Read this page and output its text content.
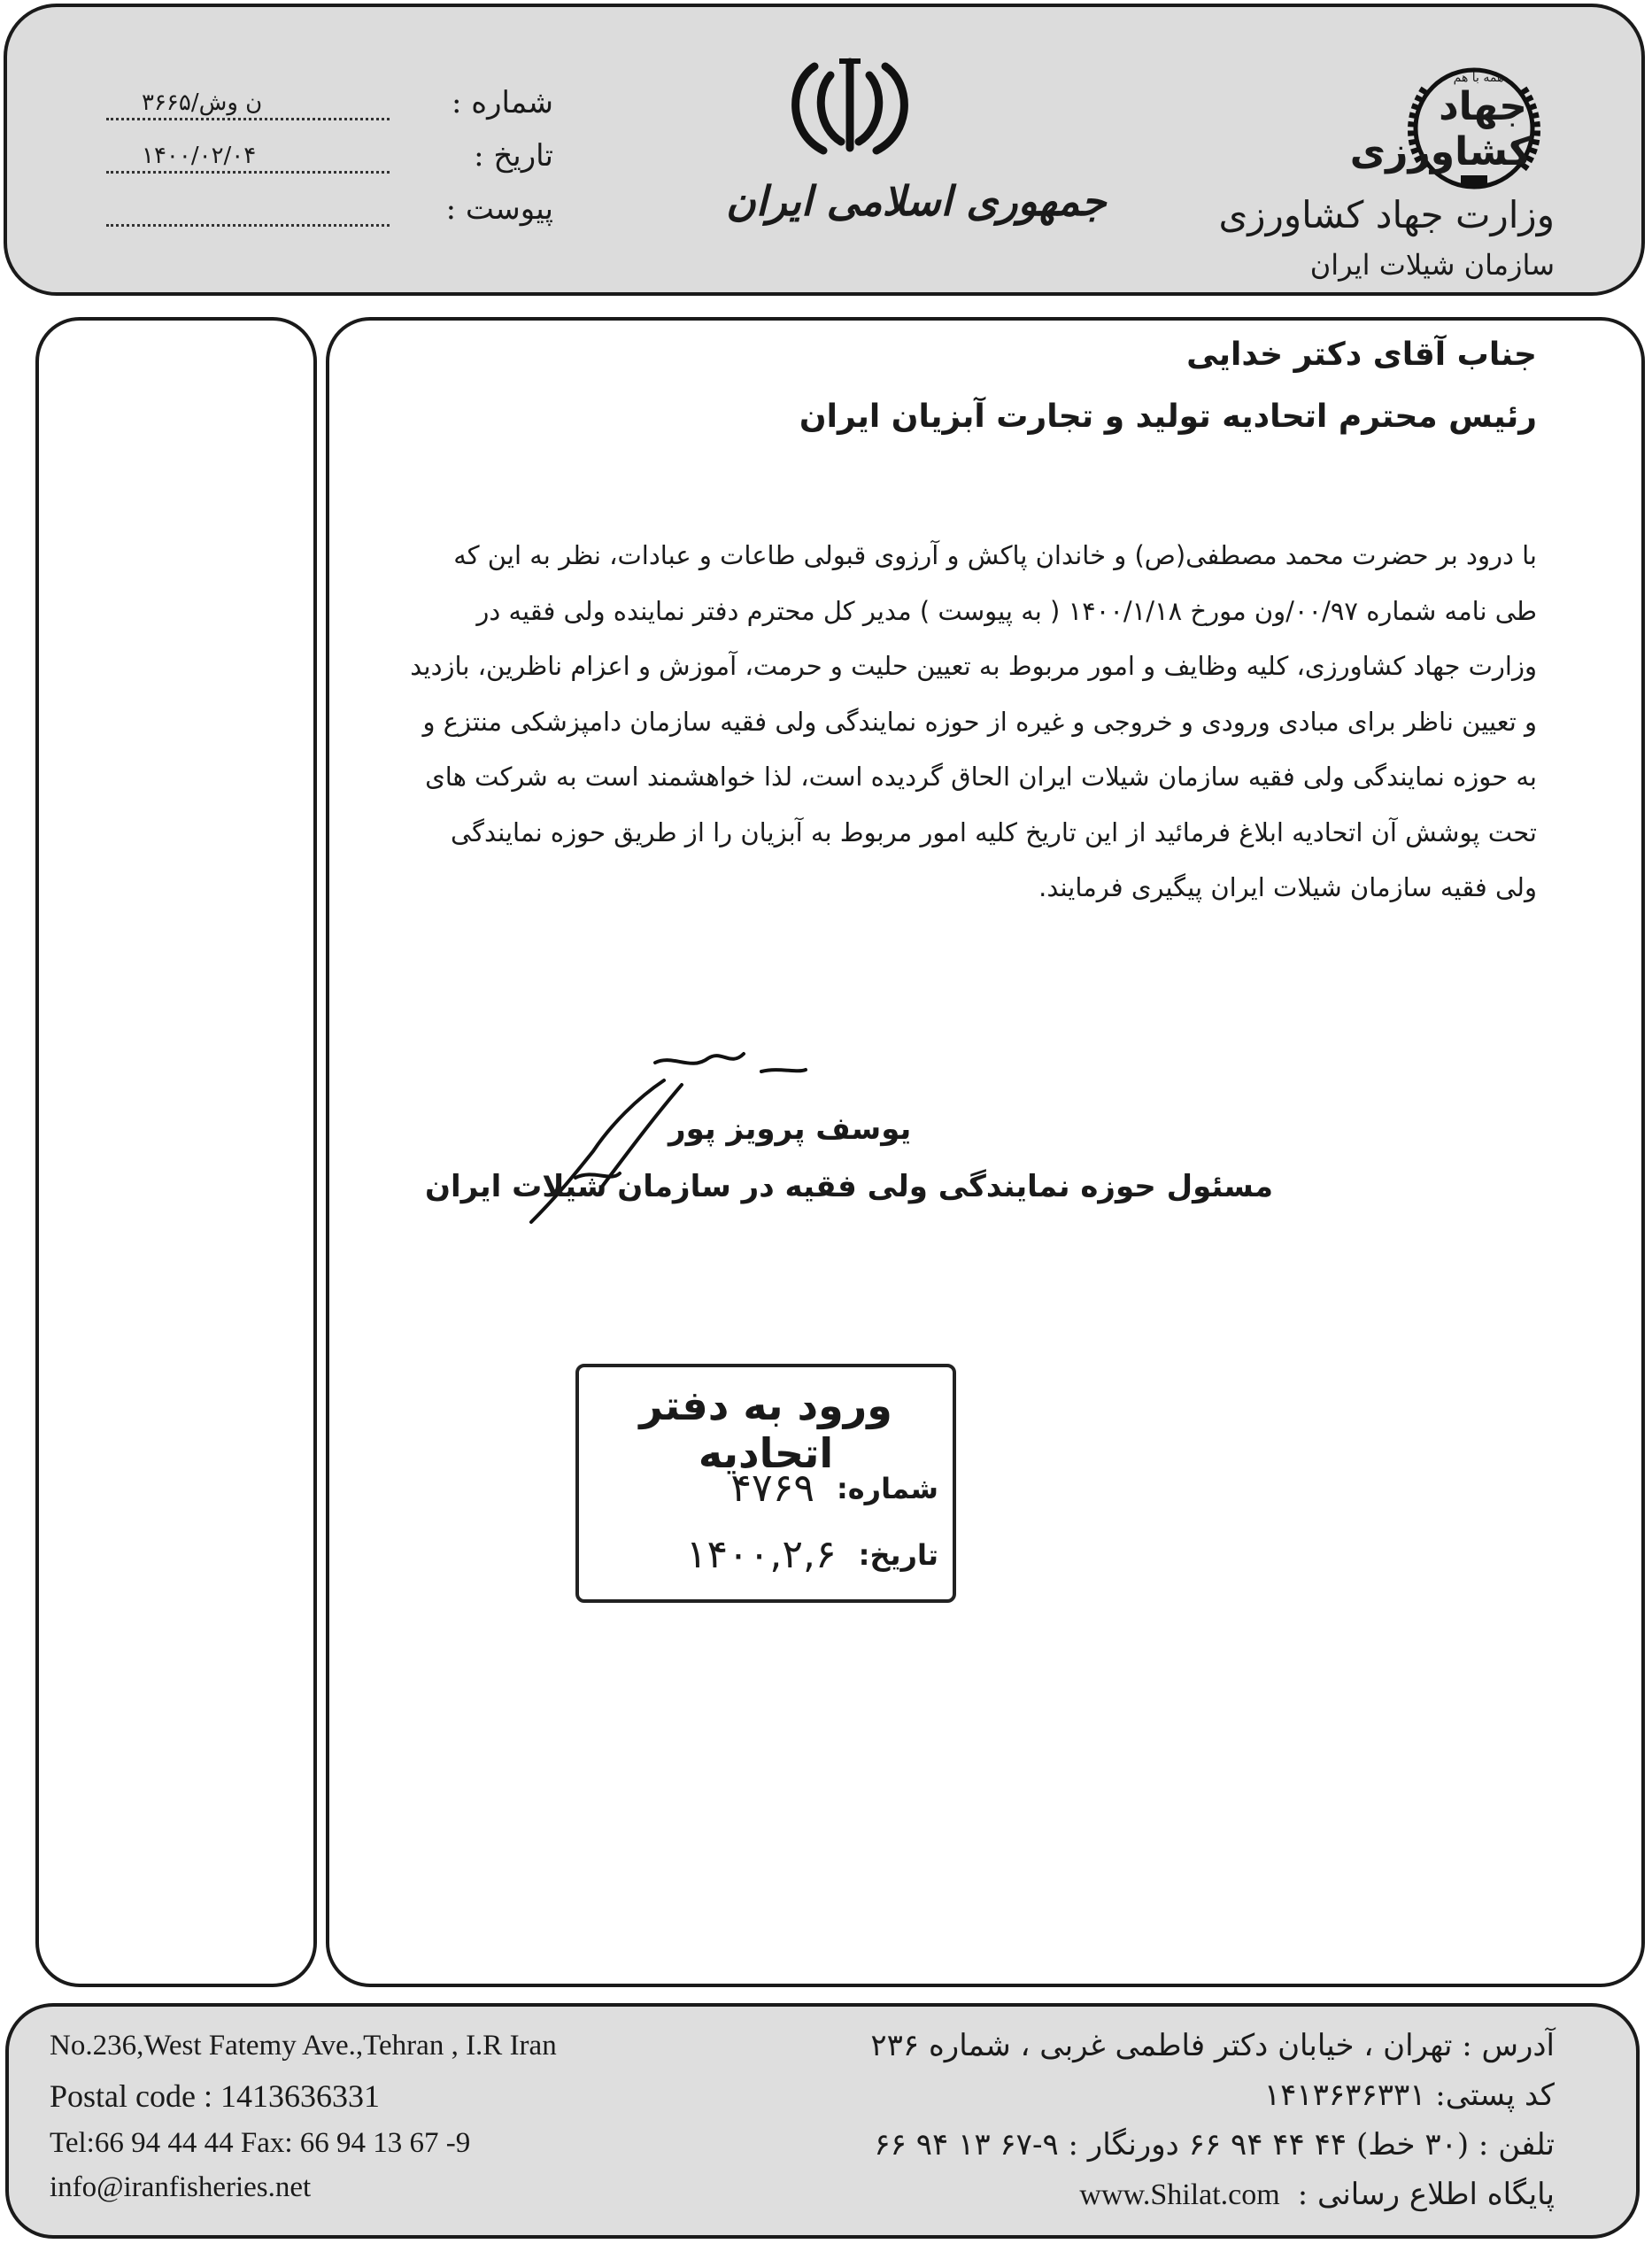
شماره :
۳۶۶۵/ن وش
تاریخ :
۱۴۰۰/۰۲/۰۴
پیوست :	جمهوری اسلامی ایران
جهاد کشاورزی
همه با هم
وزارت جهاد کشاورزی
سازمان شیلات ایران
جناب آقای دکتر خدایی
رئیس محترم اتحادیه تولید و تجارت آبزیان ایران
با درود بر حضرت محمد مصطفی(ص) و خاندان پاکش و آرزوی قبولی طاعات و عبادات، نظر به این که
طی نامه شماره ۰۰/۹۷/ون مورخ ۱۴۰۰/۱/۱۸ ( به پیوست ) مدیر کل محترم دفتر نماینده ولی فقیه در
وزارت جهاد کشاورزی، کلیه وظایف و امور مربوط به تعیین حلیت و حرمت، آموزش و اعزام ناظرین، بازدید
و تعیین ناظر برای مبادی ورودی و خروجی و غیره از حوزه نمایندگی ولی فقیه سازمان دامپزشکی منتزع و
به حوزه نمایندگی ولی فقیه سازمان شیلات ایران الحاق گردیده است، لذا خواهشمند است به شرکت های
تحت پوشش آن اتحادیه ابلاغ فرمائید از این تاریخ کلیه امور مربوط به آبزیان را از طریق حوزه نمایندگی
ولی فقیه سازمان شیلات ایران پیگیری فرمایند.
یوسف پرویز پور
مسئول حوزه نمایندگی ولی فقیه در سازمان شیلات ایران
ورود به دفتر اتحادیه
شماره:
۴۷۶۹
تاریخ:
۱۴۰۰,۲,۶
No.236,West Fatemy Ave.,Tehran , I.R Iran
Postal code : 1413636331
Tel:66 94 44 44 Fax: 66 94 13 67 -9
info@iranfisheries.net
آدرس : تهران ، خیابان دکتر فاطمی غربی ، شماره ۲۳۶
کد پستی: ۱۴۱۳۶۳۶۳۳۱
تلفن : (۳۰ خط) ۴۴ ۴۴ ۹۴ ۶۶ دورنگار : ۹-۶۷ ۱۳ ۹۴ ۶۶
پایگاه اطلاع رسانی :
www.Shilat.com
